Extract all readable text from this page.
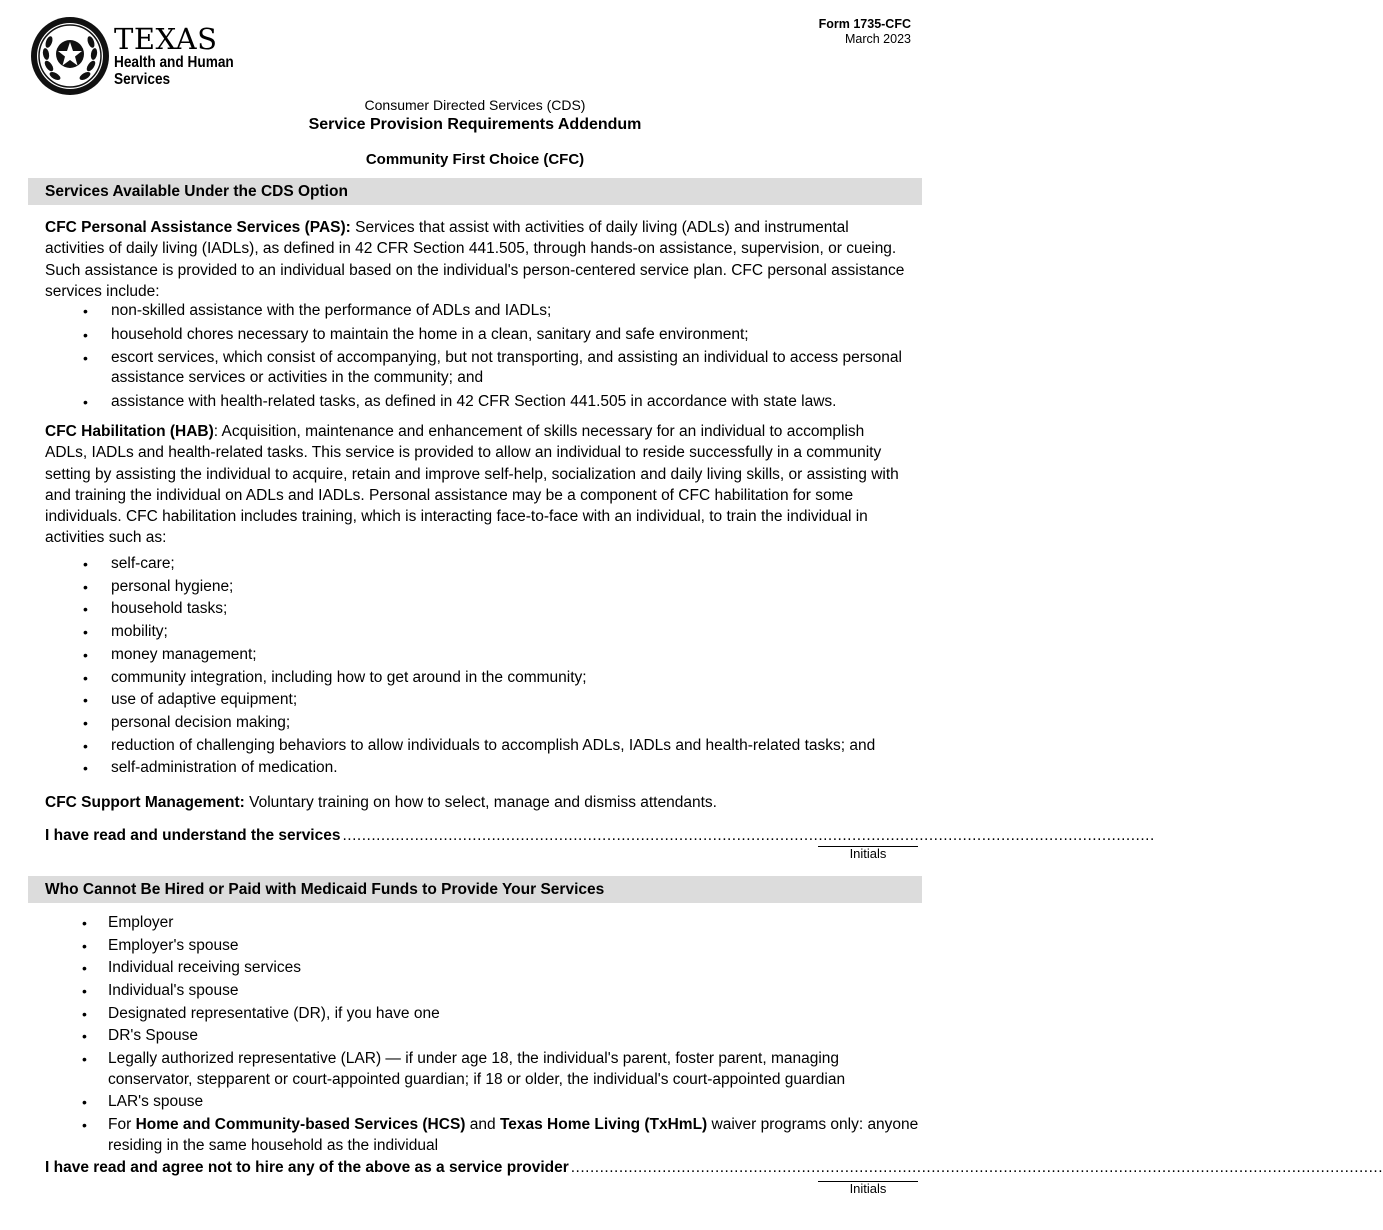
TEXAS
Health and Human
Services
Form 1735-CFC
March 2023
Consumer Directed Services (CDS)
Service Provision Requirements Addendum
Community First Choice (CFC)
Services Available Under the CDS Option
CFC Personal Assistance Services (PAS): Services that assist with activities of daily living (ADLs) and instrumental activities of daily living (IADLs), as defined in 42 CFR Section 441.505, through hands-on assistance, supervision, or cueing. Such assistance is provided to an individual based on the individual's person-centered service plan. CFC personal assistance services include:
• non-skilled assistance with the performance of ADLs and IADLs;
• household chores necessary to maintain the home in a clean, sanitary and safe environment;
• escort services, which consist of accompanying, but not transporting, and assisting an individual to access personal assistance services or activities in the community; and
• assistance with health-related tasks, as defined in 42 CFR Section 441.505 in accordance with state laws.
CFC Habilitation (HAB): Acquisition, maintenance and enhancement of skills necessary for an individual to accomplish ADLs, IADLs and health-related tasks. This service is provided to allow an individual to reside successfully in a community setting by assisting the individual to acquire, retain and improve self-help, socialization and daily living skills, or assisting with and training the individual on ADLs and IADLs. Personal assistance may be a component of CFC habilitation for some individuals. CFC habilitation includes training, which is interacting face-to-face with an individual, to train the individual in activities such as:
• self-care;
• personal hygiene;
• household tasks;
• mobility;
• money management;
• community integration, including how to get around in the community;
• use of adaptive equipment;
• personal decision making;
• reduction of challenging behaviors to allow individuals to accomplish ADLs, IADLs and health-related tasks; and
• self-administration of medication.
CFC Support Management: Voluntary training on how to select, manage and dismiss attendants.
I have read and understand the services .........................................................................................................................................................................
Initials
Who Cannot Be Hired or Paid with Medicaid Funds to Provide Your Services
• Employer
• Employer's spouse
• Individual receiving services
• Individual's spouse
• Designated representative (DR), if you have one
• DR's Spouse
• Legally authorized representative (LAR) — if under age 18, the individual's parent, foster parent, managing conservator, stepparent or court-appointed guardian; if 18 or older, the individual's court-appointed guardian
• LAR's spouse
• For Home and Community-based Services (HCS) and Texas Home Living (TxHmL) waiver programs only: anyone residing in the same household as the individual
I have read and agree not to hire any of the above as a service provider .........................................................................................................................................................................
Initials
